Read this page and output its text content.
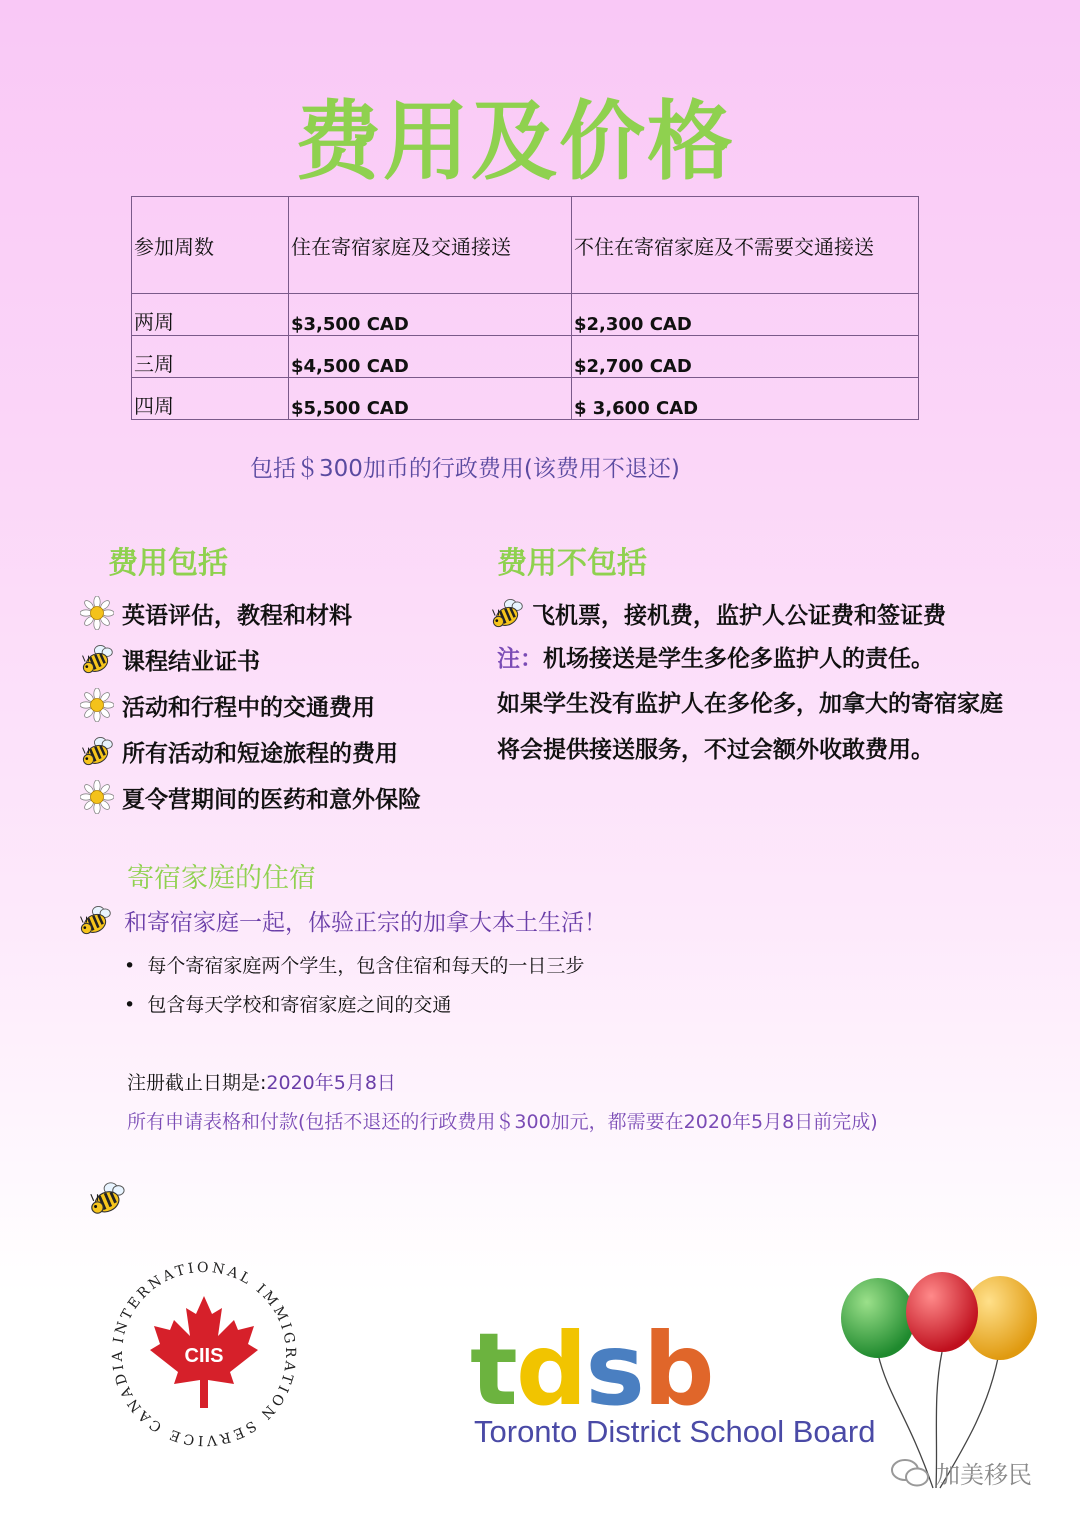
费用及价格
参加周数	住在寄宿家庭及交通接送	不住在寄宿家庭及不需要交通接送
两周	$3,500 CAD	$2,300 CAD
三周	$4,500 CAD	$2,700 CAD
四周	$5,500 CAD	$ 3,600 CAD
包括＄300加币的行政费用(该费用不退还)
费用包括
英语评估，教程和材料
课程结业证书
活动和行程中的交通费用
所有活动和短途旅程的费用
夏令营期间的医药和意外保险
费用不包括
飞机票，接机费，监护人公证费和签证费
注：机场接送是学生多伦多监护人的责任。
如果学生没有监护人在多伦多，加拿大的寄宿家庭
将会提供接送服务，不过会额外收敢费用。
寄宿家庭的住宿
和寄宿家庭一起，体验正宗的加拿大本土生活！
• 每个寄宿家庭两个学生，包含住宿和每天的一日三步
• 包含每天学校和寄宿家庭之间的交通
注册截止日期是:2020年5月8日
所有申请表格和付款(包括不退还的行政费用＄300加元，都需要在2020年5月8日前完成)
INTERNATIONAL IMMIGRATION SERVICE CANADIA	CIIS tdsb
Toronto District School Board
加美移民
